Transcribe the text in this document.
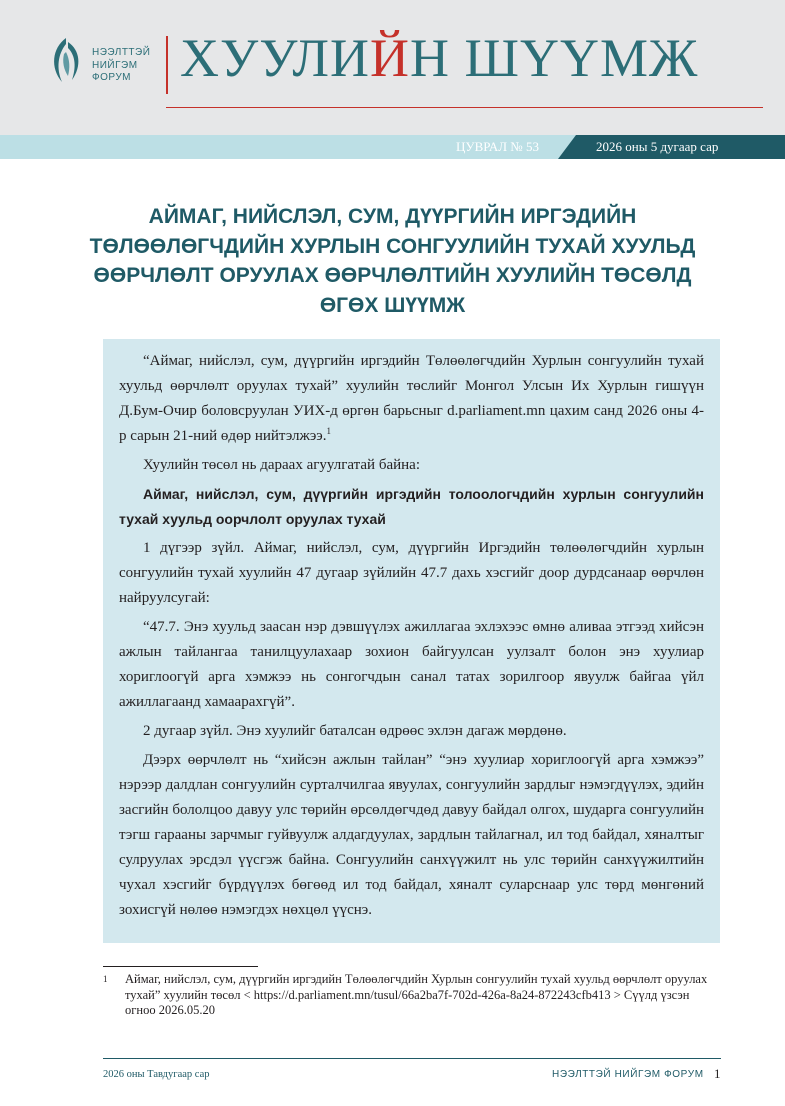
НЭЭЛТТЭЙ
НИЙГЭМ
ФОРУМ ХУУЛИЙН ШҮҮМЖ
ЦУВРАЛ № 53	2026 оны 5 дугаар сар
АЙМАГ, НИЙСЛЭЛ, СУМ, ДҮҮРГИЙН ИРГЭДИЙН ТӨЛӨӨЛӨГЧДИЙН ХУРЛЫН СОНГУУЛИЙН ТУХАЙ ХУУЛЬД ӨӨРЧЛӨЛТ ОРУУЛАХ ӨӨРЧЛӨЛТИЙН ХУУЛИЙН ТӨСӨЛД ӨГӨХ ШҮҮМЖ

“Аймаг, нийслэл, сум, дүүргийн иргэдийн Төлөөлөгчдийн Хурлын сонгуулийн тухай хуульд өөрчлөлт оруулах тухай” хуулийн төслийг Монгол Улсын Их Хурлын гишүүн Д.Бум-Очир боловсруулан УИХ-д өргөн барьсныг d.parliament.mn цахим санд 2026 оны 4-р сарын 21-ний өдөр нийтэлжээ.$^1$

Хуулийн төсөл нь дараах агуулгатай байна:

Аймаг, нийслэл, сум, дүүргийн иргэдийн толоологчдийн хурлын сонгуулийн тухай хуульд оорчлолт оруулах тухай

1 дүгээр зүйл. Аймаг, нийслэл, сум, дүүргийн Иргэдийн төлөөлөгчдийн хурлын сонгуулийн тухай хуулийн 47 дугаар зүйлийн 47.7 дахь хэсгийг доор дурдсанаар өөрчлөн найруулсугай:

“47.7. Энэ хуульд заасан нэр дэвшүүлэх ажиллагаа эхлэхээс өмнө аливаа этгээд хийсэн ажлын тайлангаа танилцуулахаар зохион байгуулсан уулзалт болон энэ хуулиар хориглоогүй арга хэмжээ нь сонгогчдын санал татах зорилгоор явуулж байгаа үйл ажиллагаанд хамаарахгүй”.

2 дугаар зүйл. Энэ хуулийг баталсан өдрөөс эхлэн дагаж мөрдөнө.

Дээрх өөрчлөлт нь “хийсэн ажлын тайлан” “энэ хуулиар хориглоогүй арга хэмжээ” нэрээр далдлан сонгуулийн сурталчилгаа явуулах, сонгуулийн зардлыг нэмэгдүүлэх, эдийн засгийн бололцоо давуу улс төрийн өрсөлдөгчдөд давуу байдал олгох, шударга сонгуулийн тэгш гарааны зарчмыг гуйвуулж алдагдуулах, зардлын тайлагнал, ил тод байдал, хяналтыг сулруулах эрсдэл үүсгэж байна. Сонгуулийн санхүүжилт нь улс төрийн санхүүжилтийн чухал хэсгийг бүрдүүлэх бөгөөд ил тод байдал, хяналт суларснаар улс төрд мөнгөний зохисгүй нөлөө нэмэгдэх нөхцөл үүснэ.

1	Аймаг, нийслэл, сум, дүүргийн иргэдийн Төлөөлөгчдийн Хурлын сонгуулийн тухай хуульд өөрчлөлт оруулах тухай” хуулийн төсөл < https://d.parliament.mn/tusul/66a2ba7f-702d-426a-8a24-872243cfb413 > Сүүлд үзсэн огноо 2026.05.20
2026 оны Тавдугаар сар	НЭЭЛТТЭЙ НИЙГЭМ ФОРУМ 1
